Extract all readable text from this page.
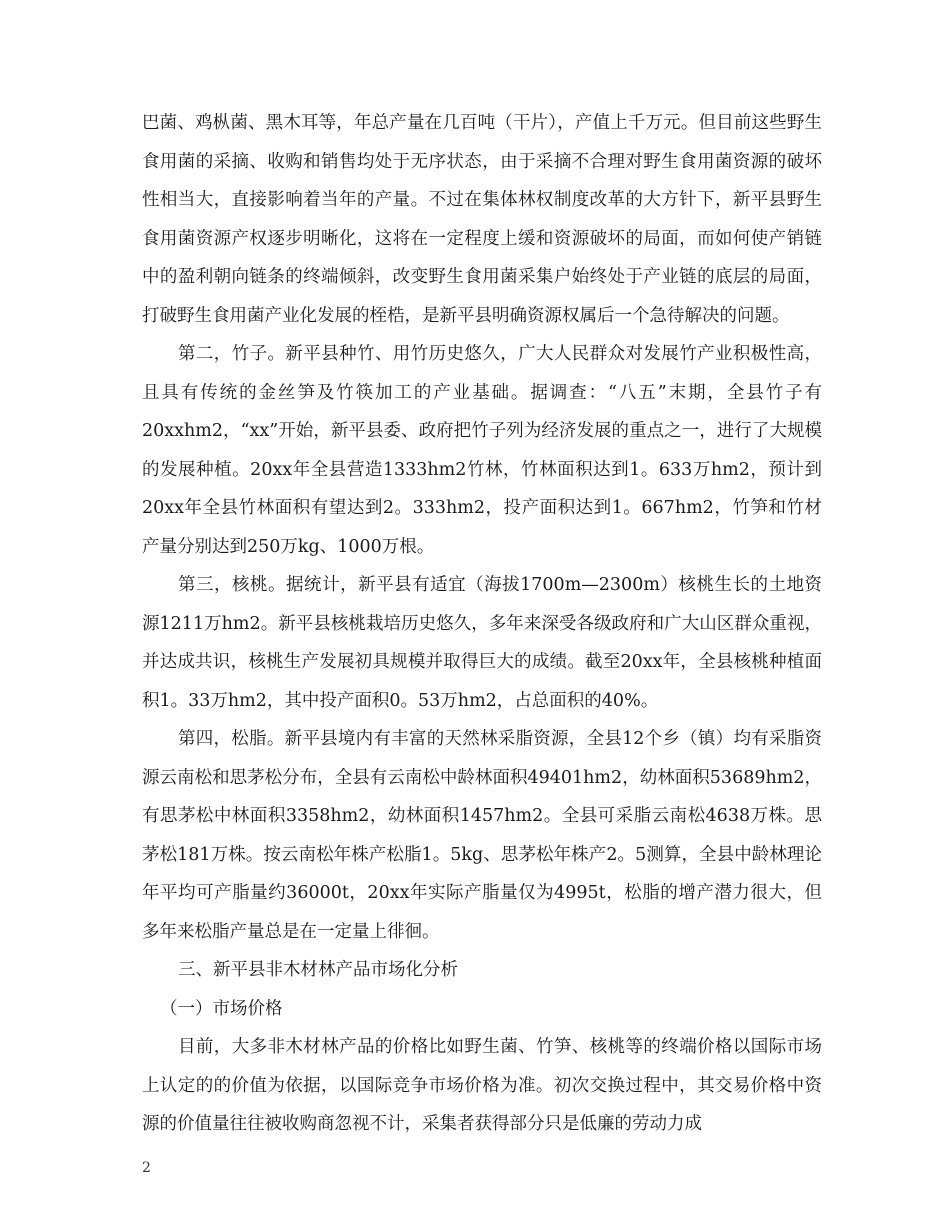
巴菌、鸡枞菌、黑木耳等，年总产量在几百吨（干片），产值上千万元。但目前这些野生食用菌的采摘、收购和销售均处于无序状态，由于采摘不合理对野生食用菌资源的破坏性相当大，直接影响着当年的产量。不过在集体林权制度改革的大方针下，新平县野生食用菌资源产权逐步明晰化，这将在一定程度上缓和资源破坏的局面，而如何使产销链中的盈利朝向链条的终端倾斜，改变野生食用菌采集户始终处于产业链的底层的局面，打破野生食用菌产业化发展的桎梏，是新平县明确资源权属后一个急待解决的问题。

第二，竹子。新平县种竹、用竹历史悠久，广大人民群众对发展竹产业积极性高，且具有传统的金丝笋及竹筷加工的产业基础。据调查：“八五”末期，全县竹子有20xxhm2，“xx”开始，新平县委、政府把竹子列为经济发展的重点之一，进行了大规模的发展种植。20xx年全县营造1333hm2竹林，竹林面积达到1。633万hm2，预计到20xx年全县竹林面积有望达到2。333hm2，投产面积达到1。667hm2，竹笋和竹材产量分别达到250万kg、1000万根。

第三，核桃。据统计，新平县有适宜（海拔1700m—2300m）核桃生长的土地资源1211万hm2。新平县核桃栽培历史悠久，多年来深受各级政府和广大山区群众重视，并达成共识，核桃生产发展初具规模并取得巨大的成绩。截至20xx年，全县核桃种植面积1。33万hm2，其中投产面积0。53万hm2，占总面积的40%。

第四，松脂。新平县境内有丰富的天然林采脂资源，全县12个乡（镇）均有采脂资源云南松和思茅松分布，全县有云南松中龄林面积49401hm2，幼林面积53689hm2，有思茅松中林面积3358hm2，幼林面积1457hm2。全县可采脂云南松4638万株。思茅松181万株。按云南松年株产松脂1。5kg、思茅松年株产2。5测算，全县中龄林理论年平均可产脂量约36000t，20xx年实际产脂量仅为4995t，松脂的增产潜力很大，但多年来松脂产量总是在一定量上徘徊。

三、新平县非木材林产品市场化分析

（一）市场价格

目前，大多非木材林产品的价格比如野生菌、竹笋、核桃等的终端价格以国际市场上认定的的价值为依据，以国际竞争市场价格为准。初次交换过程中，其交易价格中资源的价值量往往被收购商忽视不计，采集者获得部分只是低廉的劳动力成

2
